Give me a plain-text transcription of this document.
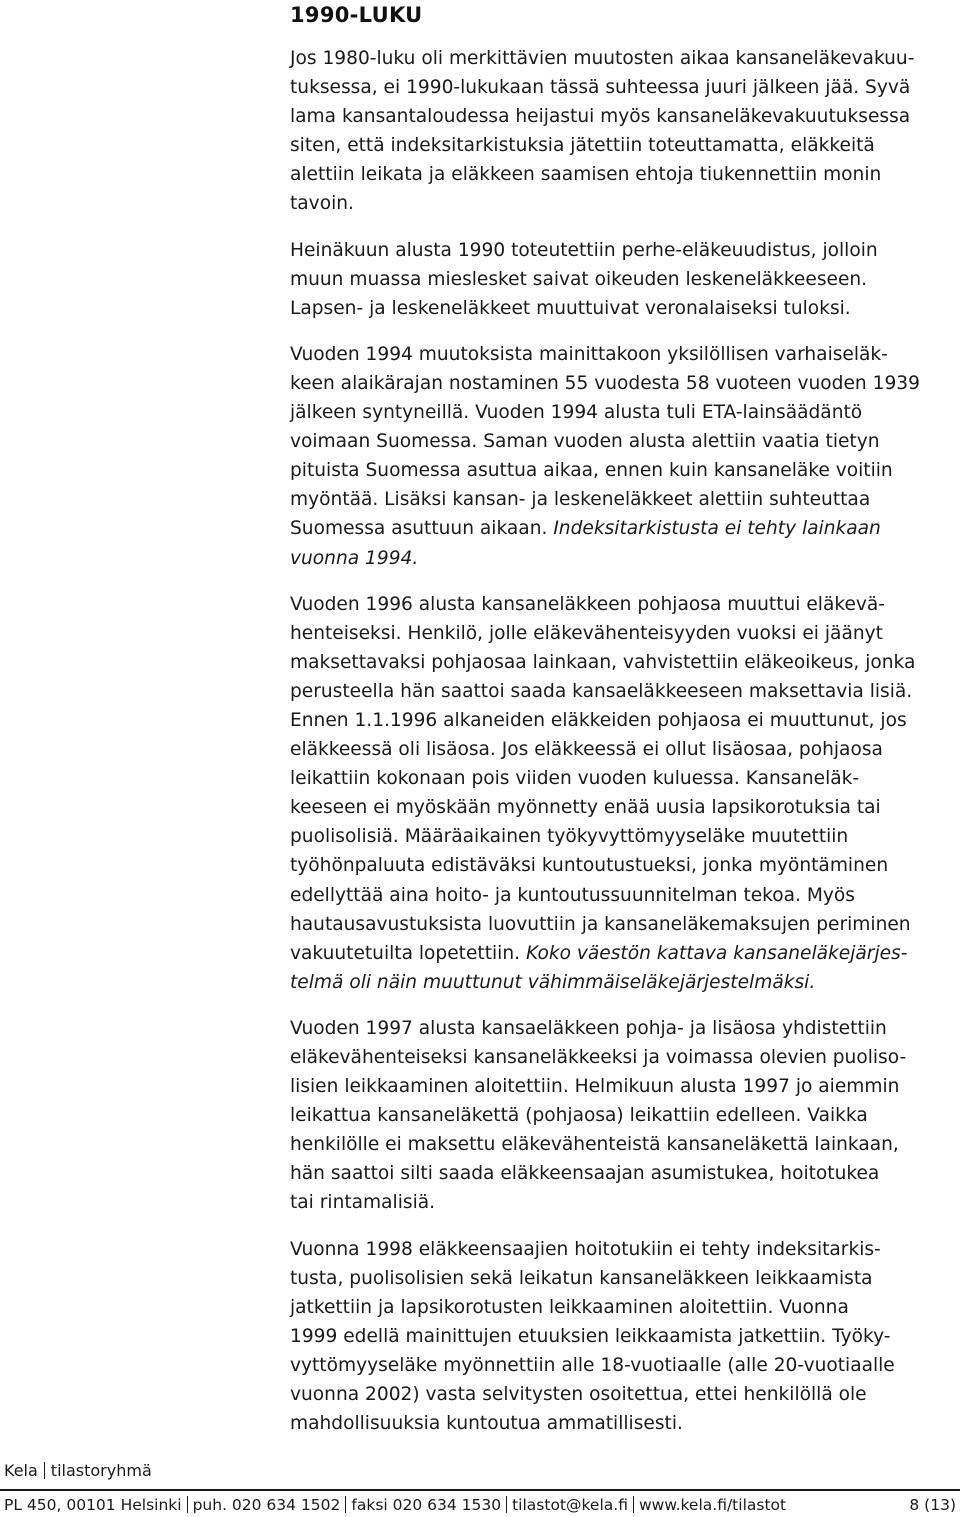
1990-LUKU

Jos 1980-luku oli merkittävien muutosten aikaa kansaneläkevakuu-
tuksessa, ei 1990-lukukaan tässä suhteessa juuri jälkeen jää. Syvä
lama kansantaloudessa heijastui myös kansaneläkevakuutuksessa
siten, että indeksitarkistuksia jätettiin toteuttamatta, eläkkeitä
alettiin leikata ja eläkkeen saamisen ehtoja tiukennettiin monin
tavoin.

Heinäkuun alusta 1990 toteutettiin perhe-eläkeuudistus, jolloin
muun muassa mieslesket saivat oikeuden leskeneläkkeeseen.
Lapsen- ja leskeneläkkeet muuttuivat veronalaiseksi tuloksi.

Vuoden 1994 muutoksista mainittakoon yksilöllisen varhaiseläk-
keen alaikärajan nostaminen 55 vuodesta 58 vuoteen vuoden 1939
jälkeen syntyneillä. Vuoden 1994 alusta tuli ETA-lainsäädäntö
voimaan Suomessa. Saman vuoden alusta alettiin vaatia tietyn
pituista Suomessa asuttua aikaa, ennen kuin kansaneläke voitiin
myöntää. Lisäksi kansan- ja leskeneläkkeet alettiin suhteuttaa
Suomessa asuttuun aikaan. Indeksitarkistusta ei tehty lainkaan
vuonna 1994.

Vuoden 1996 alusta kansaneläkkeen pohjaosa muuttui eläkevä-
henteiseksi. Henkilö, jolle eläkevähenteisyyden vuoksi ei jäänyt
maksettavaksi pohjaosaa lainkaan, vahvistettiin eläkeoikeus, jonka
perusteella hän saattoi saada kansaeläkkeeseen maksettavia lisiä.
Ennen 1.1.1996 alkaneiden eläkkeiden pohjaosa ei muuttunut, jos
eläkkeessä oli lisäosa. Jos eläkkeessä ei ollut lisäosaa, pohjaosa
leikattiin kokonaan pois viiden vuoden kuluessa. Kansaneläk-
keeseen ei myöskään myönnetty enää uusia lapsikorotuksia tai
puolisolisiä. Määräaikainen työkyvyttömyyseläke muutettiin
työhönpaluuta edistäväksi kuntoutustueksi, jonka myöntäminen
edellyttää aina hoito- ja kuntoutussuunnitelman tekoa. Myös
hautausavustuksista luovuttiin ja kansaneläkemaksujen periminen
vakuutetuilta lopetettiin. Koko väestön kattava kansaneläkejärjes-
telmä oli näin muuttunut vähimmäiseläkejärjestelmäksi.

Vuoden 1997 alusta kansaeläkkeen pohja- ja lisäosa yhdistettiin
eläkevähenteiseksi kansaneläkkeeksi ja voimassa olevien puoliso-
lisien leikkaaminen aloitettiin. Helmikuun alusta 1997 jo aiemmin
leikattua kansaneläkettä (pohjaosa) leikattiin edelleen. Vaikka
henkilölle ei maksettu eläkevähenteistä kansaneläkettä lainkaan,
hän saattoi silti saada eläkkeensaajan asumistukea, hoitotukea
tai rintamalisiä.

Vuonna 1998 eläkkeensaajien hoitotukiin ei tehty indeksitarkis-
tusta, puolisolisien sekä leikatun kansaneläkkeen leikkaamista
jatkettiin ja lapsikorotusten leikkaaminen aloitettiin. Vuonna
1999 edellä mainittujen etuuksien leikkaamista jatkettiin. Työky-
vyttömyyseläke myönnettiin alle 18-vuotiaalle (alle 20-vuotiaalle
vuonna 2002) vasta selvitysten osoitettua, ettei henkilöllä ole
mahdollisuuksia kuntoutua ammatillisesti.

Kela tilastoryhmä
PL 450, 00101 Helsinki puh. 020 634 1502 faksi 020 634 1530 tilastot@kela.fi www.kela.fi/tilastot	8 (13)
